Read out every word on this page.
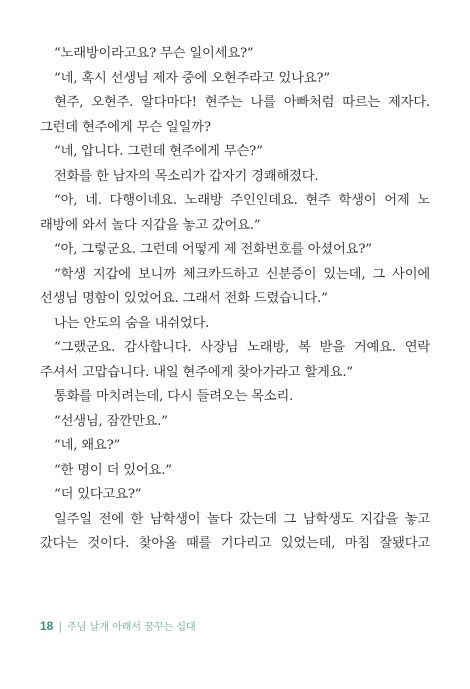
“노래방이라고요? 무슨 일이세요?”
“네, 혹시 선생님 제자 중에 오현주라고 있나요?”
현주, 오현주. 알다마다! 현주는 나를 아빠처럼 따르는 제자다.
그런데 현주에게 무슨 일일까?
“네, 압니다. 그런데 현주에게 무슨?”
전화를 한 남자의 목소리가 갑자기 경쾌해졌다.
“아, 네. 다행이네요. 노래방 주인인데요. 현주 학생이 어제 노
래방에 와서 놀다 지갑을 놓고 갔어요.”
“아, 그렇군요. 그런데 어떻게 제 전화번호를 아셨어요?”
“학생 지갑에 보니까 체크카드하고 신분증이 있는데, 그 사이에
선생님 명함이 있었어요. 그래서 전화 드렸습니다.”
나는 안도의 숨을 내쉬었다.
“그랬군요. 감사합니다. 사장님 노래방, 복 받을 거예요. 연락
주셔서 고맙습니다. 내일 현주에게 찾아가라고 할게요.”
통화를 마치려는데, 다시 들려오는 목소리.
“선생님, 잠깐만요.”
“네, 왜요?”
“한 명이 더 있어요.”
“더 있다고요?”
일주일 전에 한 남학생이 놀다 갔는데 그 남학생도 지갑을 놓고
갔다는 것이다. 찾아올 때를 기다리고 있었는데, 마침 잘됐다고
18 | 주님 날개 아래서 꿈꾸는 십대
